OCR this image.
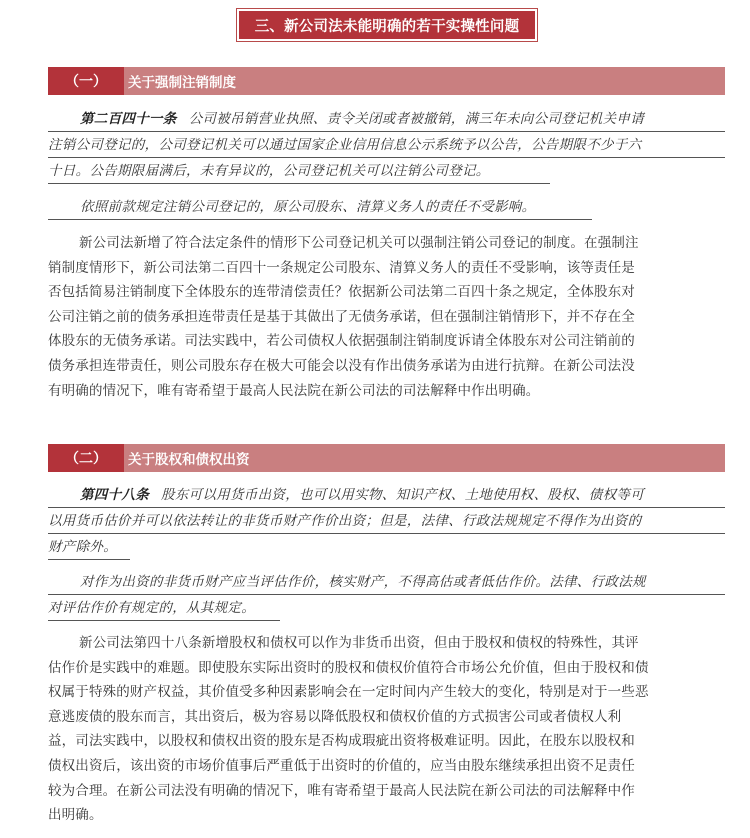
三、新公司法未能明确的若干实操性问题
（一）	关于强制注销制度
第二百四十一条 公司被吊销营业执照、责令关闭或者被撤销，满三年未向公司登记机关申请
注销公司登记的，公司登记机关可以通过国家企业信用信息公示系统予以公告，公告期限不少于六
十日。公告期限届满后，未有异议的，公司登记机关可以注销公司登记。
依照前款规定注销公司登记的，原公司股东、清算义务人的责任不受影响。
新公司法新增了符合法定条件的情形下公司登记机关可以强制注销公司登记的制度。在强制注
销制度情形下，新公司法第二百四十一条规定公司股东、清算义务人的责任不受影响，该等责任是
否包括简易注销制度下全体股东的连带清偿责任？依据新公司法第二百四十条之规定，全体股东对
公司注销之前的债务承担连带责任是基于其做出了无债务承诺，但在强制注销情形下，并不存在全
体股东的无债务承诺。司法实践中，若公司债权人依据强制注销制度诉请全体股东对公司注销前的
债务承担连带责任，则公司股东存在极大可能会以没有作出债务承诺为由进行抗辩。在新公司法没
有明确的情况下，唯有寄希望于最高人民法院在新公司法的司法解释中作出明确。
（二）	关于股权和债权出资
第四十八条 股东可以用货币出资，也可以用实物、知识产权、土地使用权、股权、债权等可
以用货币估价并可以依法转让的非货币财产作价出资；但是，法律、行政法规规定不得作为出资的
财产除外。
对作为出资的非货币财产应当评估作价，核实财产，不得高估或者低估作价。法律、行政法规
对评估作价有规定的，从其规定。
新公司法第四十八条新增股权和债权可以作为非货币出资，但由于股权和债权的特殊性，其评
估作价是实践中的难题。即使股东实际出资时的股权和债权价值符合市场公允价值，但由于股权和债
权属于特殊的财产权益，其价值受多种因素影响会在一定时间内产生较大的变化，特别是对于一些恶
意逃废债的股东而言，其出资后，极为容易以降低股权和债权价值的方式损害公司或者债权人利
益，司法实践中，以股权和债权出资的股东是否构成瑕疵出资将极难证明。因此，在股东以股权和
债权出资后，该出资的市场价值事后严重低于出资时的价值的，应当由股东继续承担出资不足责任
较为合理。在新公司法没有明确的情况下，唯有寄希望于最高人民法院在新公司法的司法解释中作
出明确。
